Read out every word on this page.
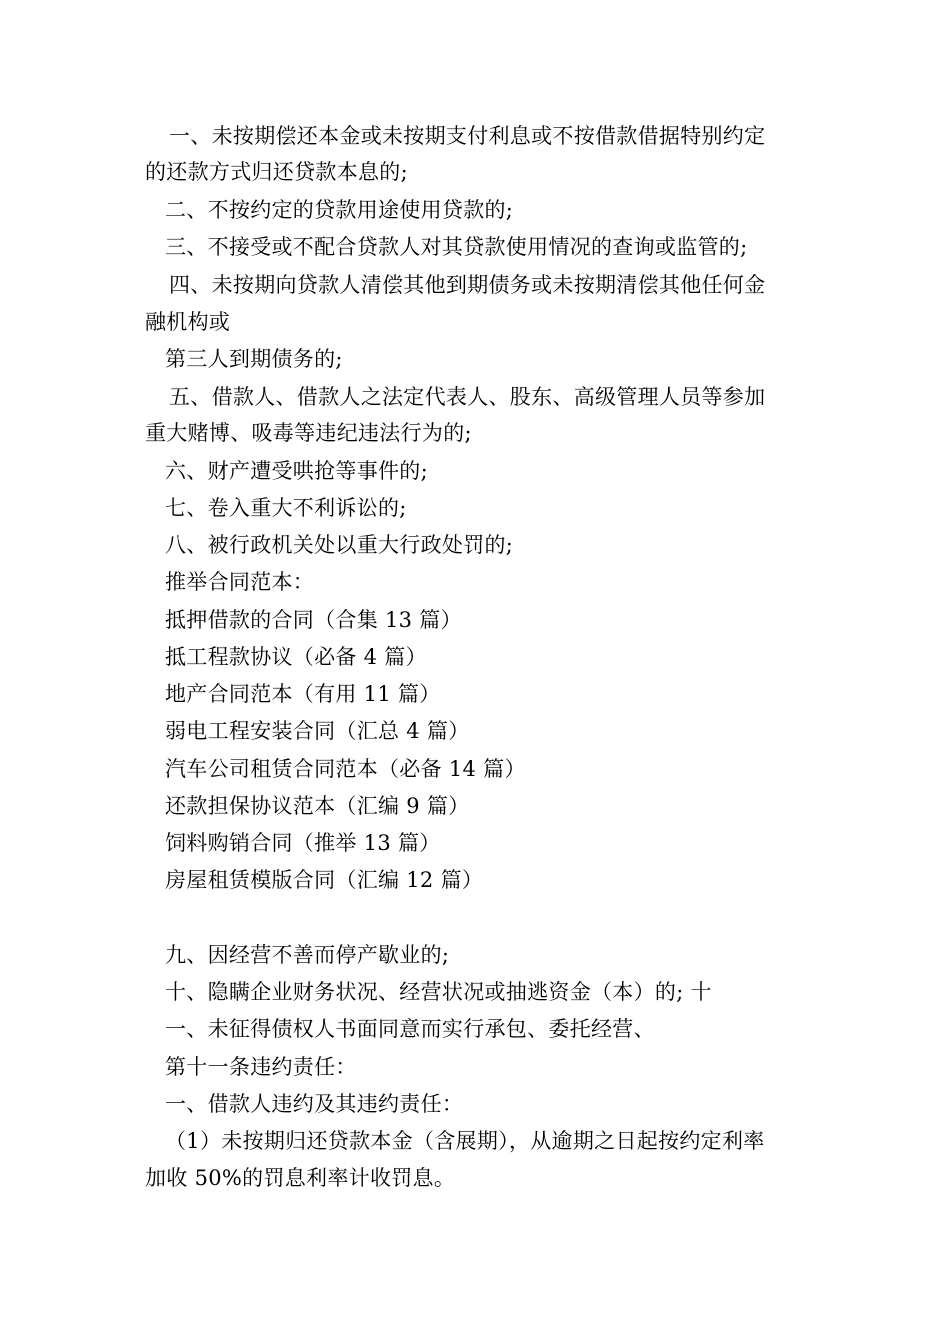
一、未按期偿还本金或未按期支付利息或不按借款借据特别约定
的还款方式归还贷款本息的;
二、不按约定的贷款用途使用贷款的;
三、不接受或不配合贷款人对其贷款使用情况的查询或监管的;
四、未按期向贷款人清偿其他到期债务或未按期清偿其他任何金
融机构或
第三人到期债务的;
五、借款人、借款人之法定代表人、股东、高级管理人员等参加
重大赌博、吸毒等违纪违法行为的;
六、财产遭受哄抢等事件的;
七、卷入重大不利诉讼的;
八、被行政机关处以重大行政处罚的;
推举合同范本：
抵押借款的合同（合集 13 篇）
抵工程款协议（必备 4 篇）
地产合同范本（有用 11 篇）
弱电工程安装合同（汇总 4 篇）
汽车公司租赁合同范本（必备 14 篇）
还款担保协议范本（汇编 9 篇）
饲料购销合同（推举 13 篇）
房屋租赁模版合同（汇编 12 篇）
九、因经营不善而停产歇业的;
十、隐瞒企业财务状况、经营状况或抽逃资金（本）的; 十
一、未征得债权人书面同意而实行承包、委托经营、
第十一条违约责任：
一、借款人违约及其违约责任：
（1）未按期归还贷款本金（含展期），从逾期之日起按约定利率
加收 50%的罚息利率计收罚息。
